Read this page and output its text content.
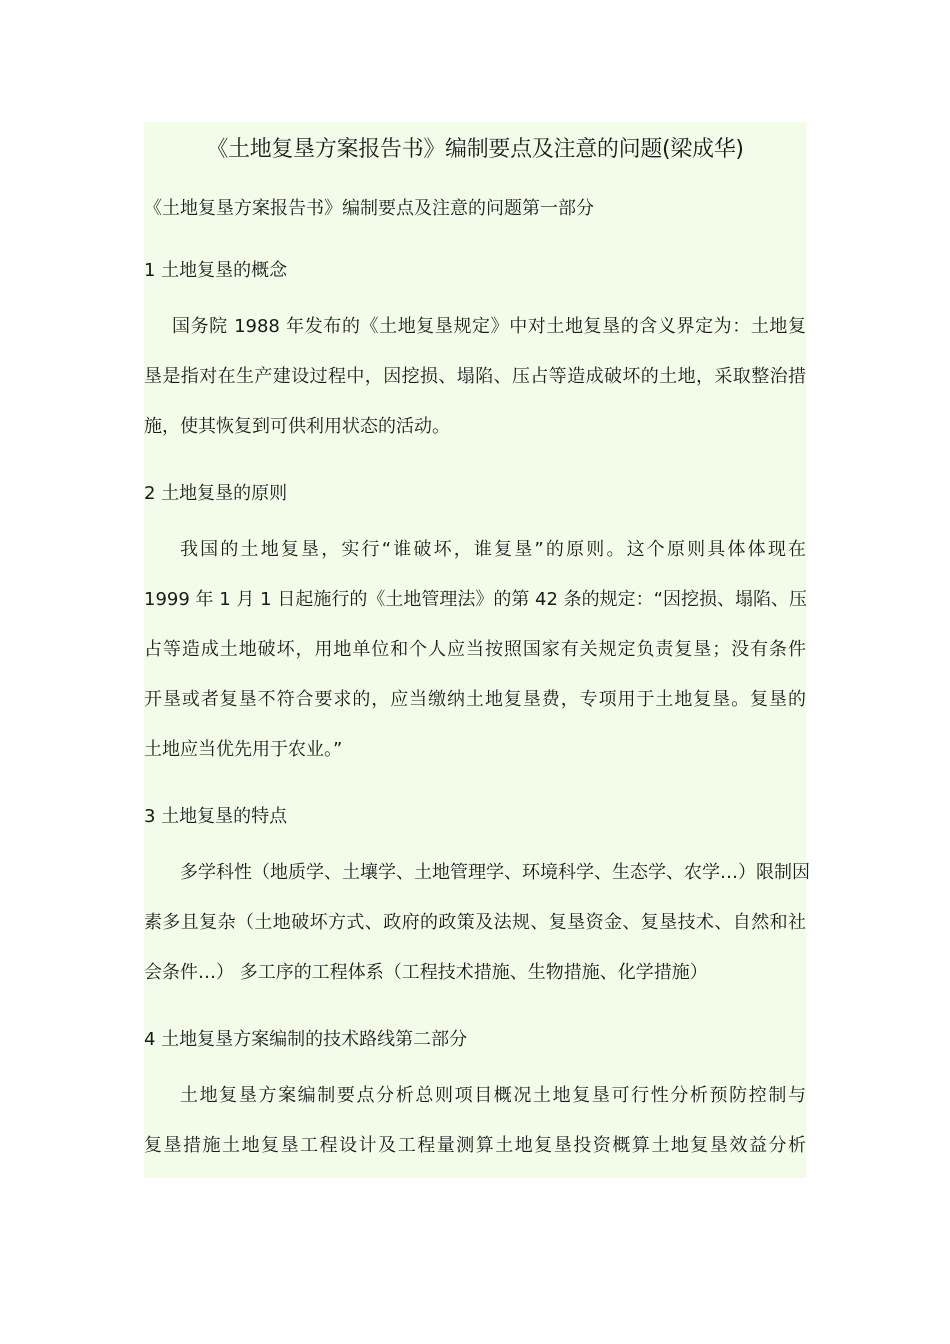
《土地复垦方案报告书》编制要点及注意的问题(梁成华)

《土地复垦方案报告书》编制要点及注意的问题第一部分

1 土地复垦的概念

国务院 1988 年发布的《土地复垦规定》中对土地复垦的含义界定为：土地复

垦是指对在生产建设过程中，因挖损、塌陷、压占等造成破坏的土地，采取整治措

施，使其恢复到可供利用状态的活动。

2 土地复垦的原则

我国的土地复垦，实行“谁破坏，谁复垦”的原则。这个原则具体体现在

1999 年 1 月 1 日起施行的《土地管理法》的第 42 条的规定：“因挖损、塌陷、压

占等造成土地破坏，用地单位和个人应当按照国家有关规定负责复垦；没有条件

开垦或者复垦不符合要求的，应当缴纳土地复垦费，专项用于土地复垦。复垦的

土地应当优先用于农业。”

3 土地复垦的特点

多学科性（地质学、土壤学、土地管理学、环境科学、生态学、农学…）限制因

素多且复杂（土地破坏方式、政府的政策及法规、复垦资金、复垦技术、自然和社

会条件…） 多工序的工程体系（工程技术措施、生物措施、化学措施）

4 土地复垦方案编制的技术路线第二部分

土地复垦方案编制要点分析总则项目概况土地复垦可行性分析预防控制与

复垦措施土地复垦工程设计及工程量测算土地复垦投资概算土地复垦效益分析
